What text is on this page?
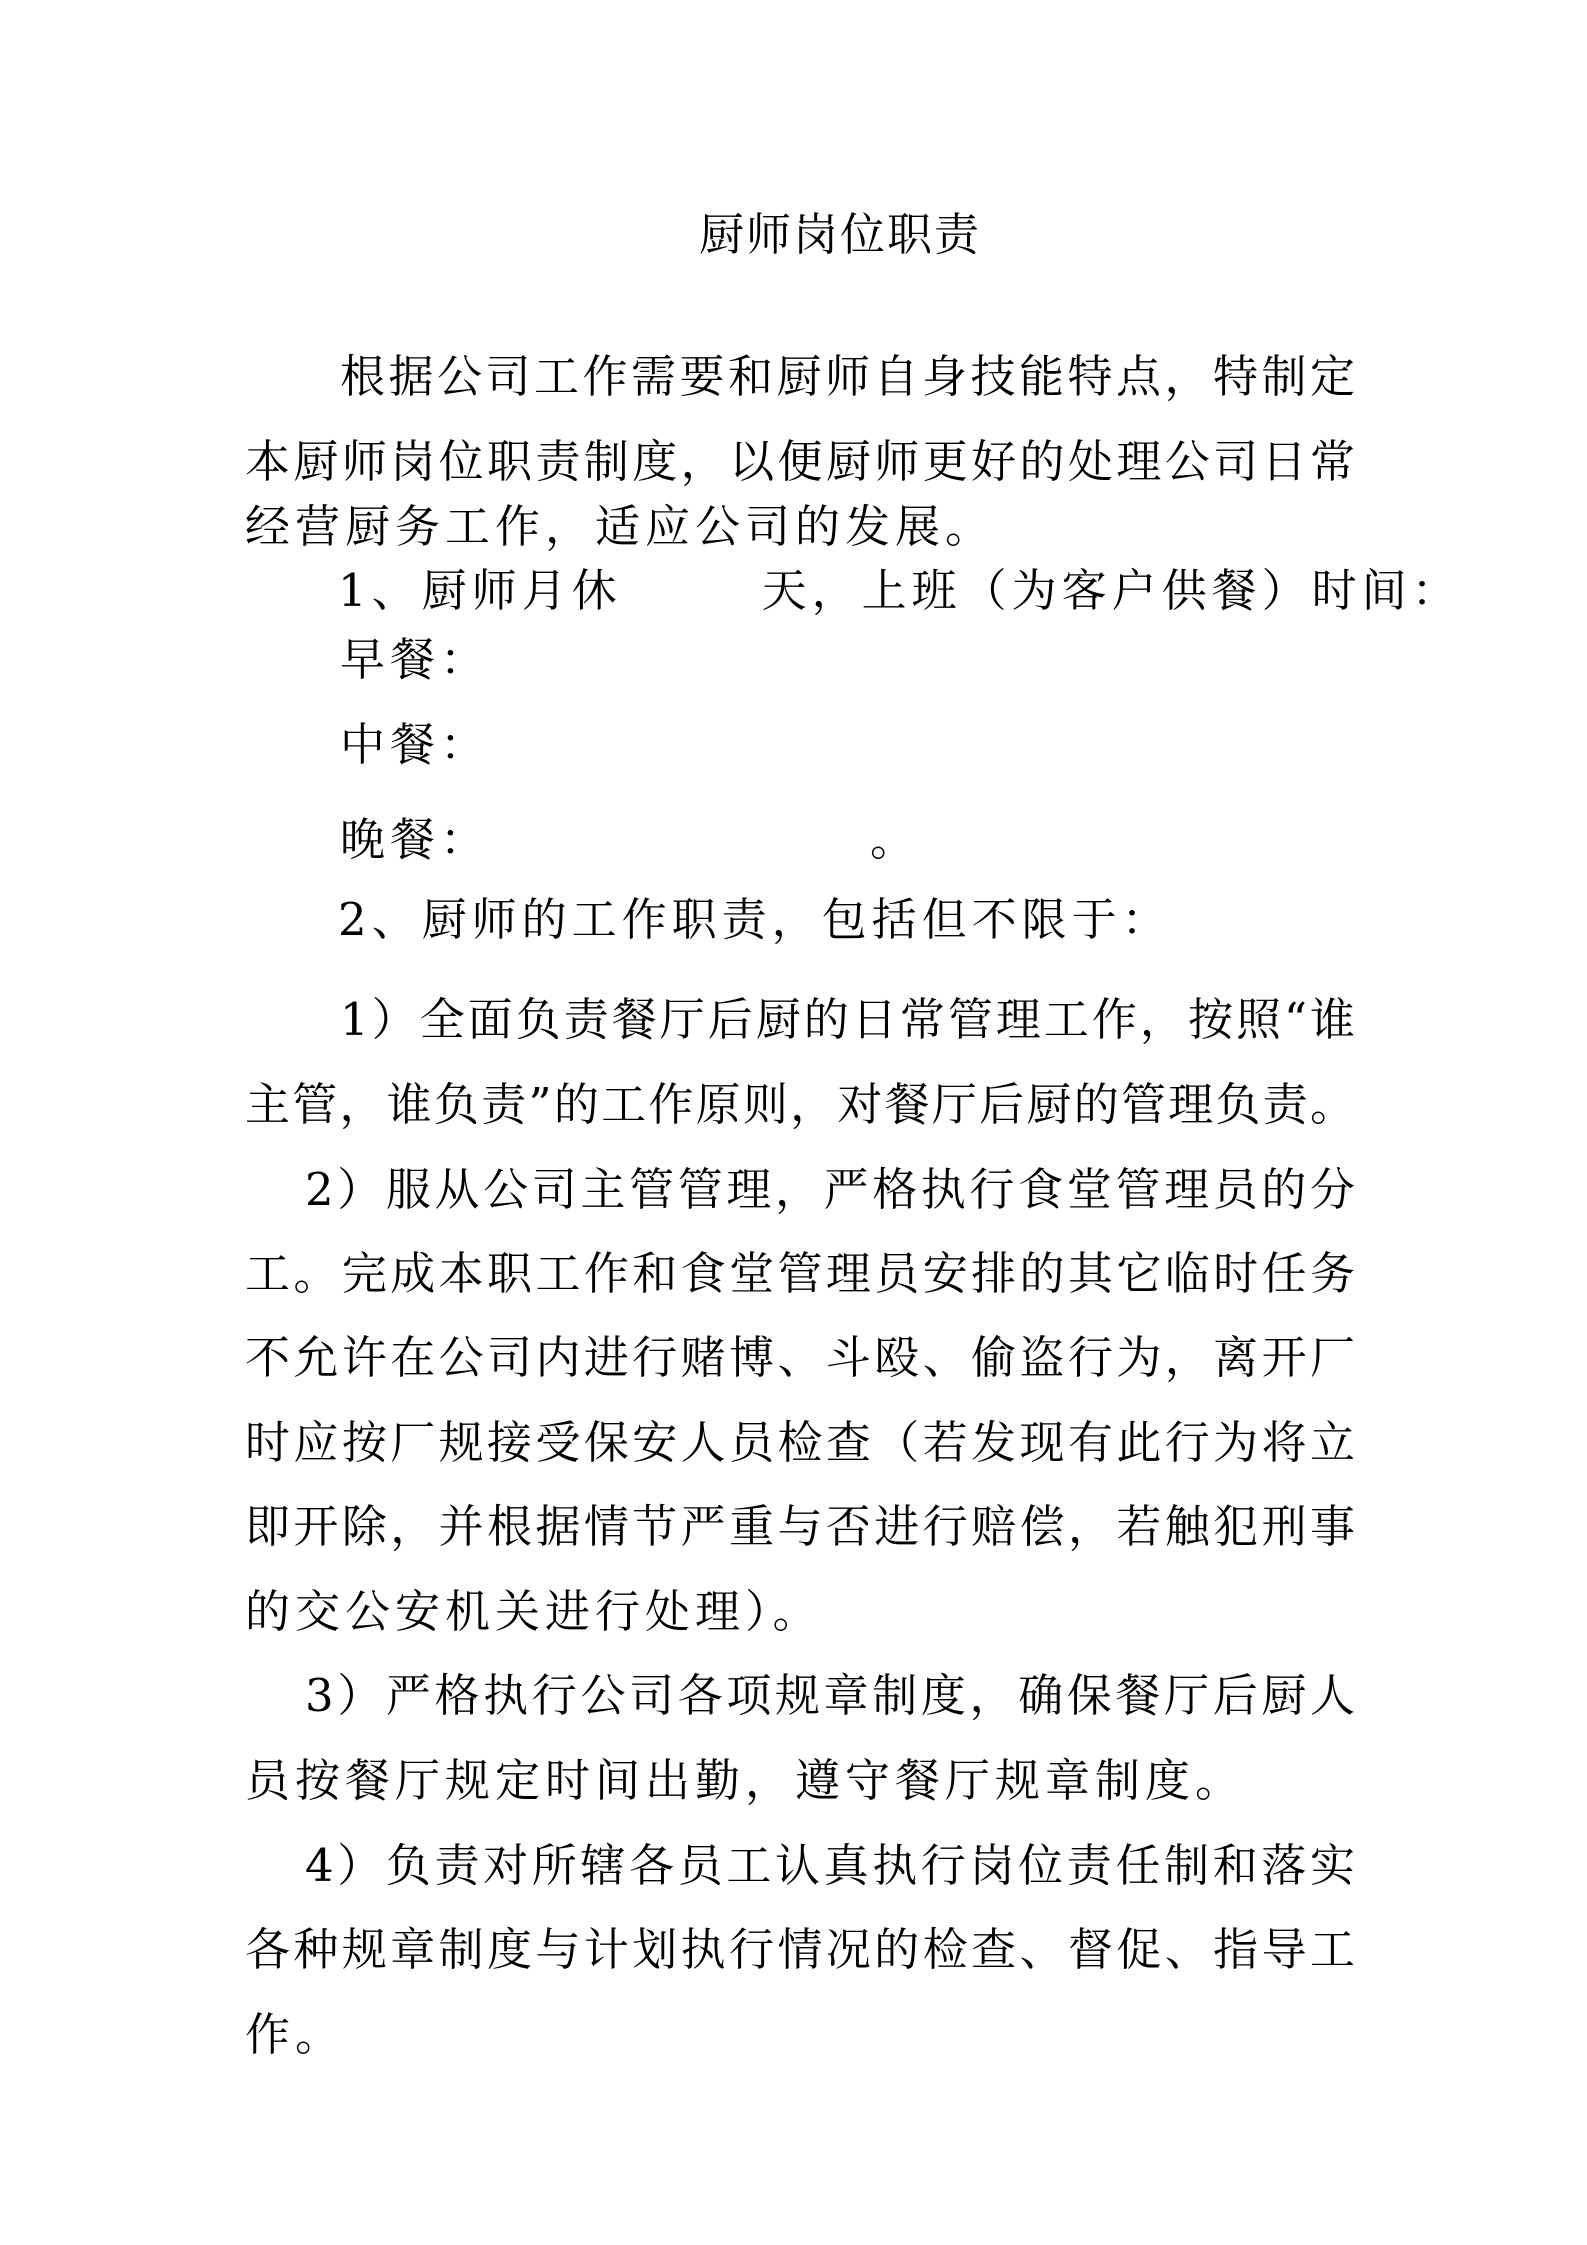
厨师岗位职责
根据公司工作需要和厨师自身技能特点，特制定
本厨师岗位职责制度，以便厨师更好的处理公司日常
经营厨务工作，适应公司的发展。
1、厨师月休	天，上班（为客户供餐）时间：
早餐：
中餐：
晚餐：	。
2、厨师的工作职责，包括但不限于：
1）全面负责餐厅后厨的日常管理工作，按照“谁
主管，谁负责”的工作原则，对餐厅后厨的管理负责。
2）服从公司主管管理，严格执行食堂管理员的分
工。完成本职工作和食堂管理员安排的其它临时任务
不允许在公司内进行赌博、斗殴、偷盗行为，离开厂
时应按厂规接受保安人员检查（若发现有此行为将立
即开除，并根据情节严重与否进行赔偿，若触犯刑事
的交公安机关进行处理）。
3）严格执行公司各项规章制度，确保餐厅后厨人
员按餐厅规定时间出勤，遵守餐厅规章制度。
4）负责对所辖各员工认真执行岗位责任制和落实
各种规章制度与计划执行情况的检查、督促、指导工
作。
